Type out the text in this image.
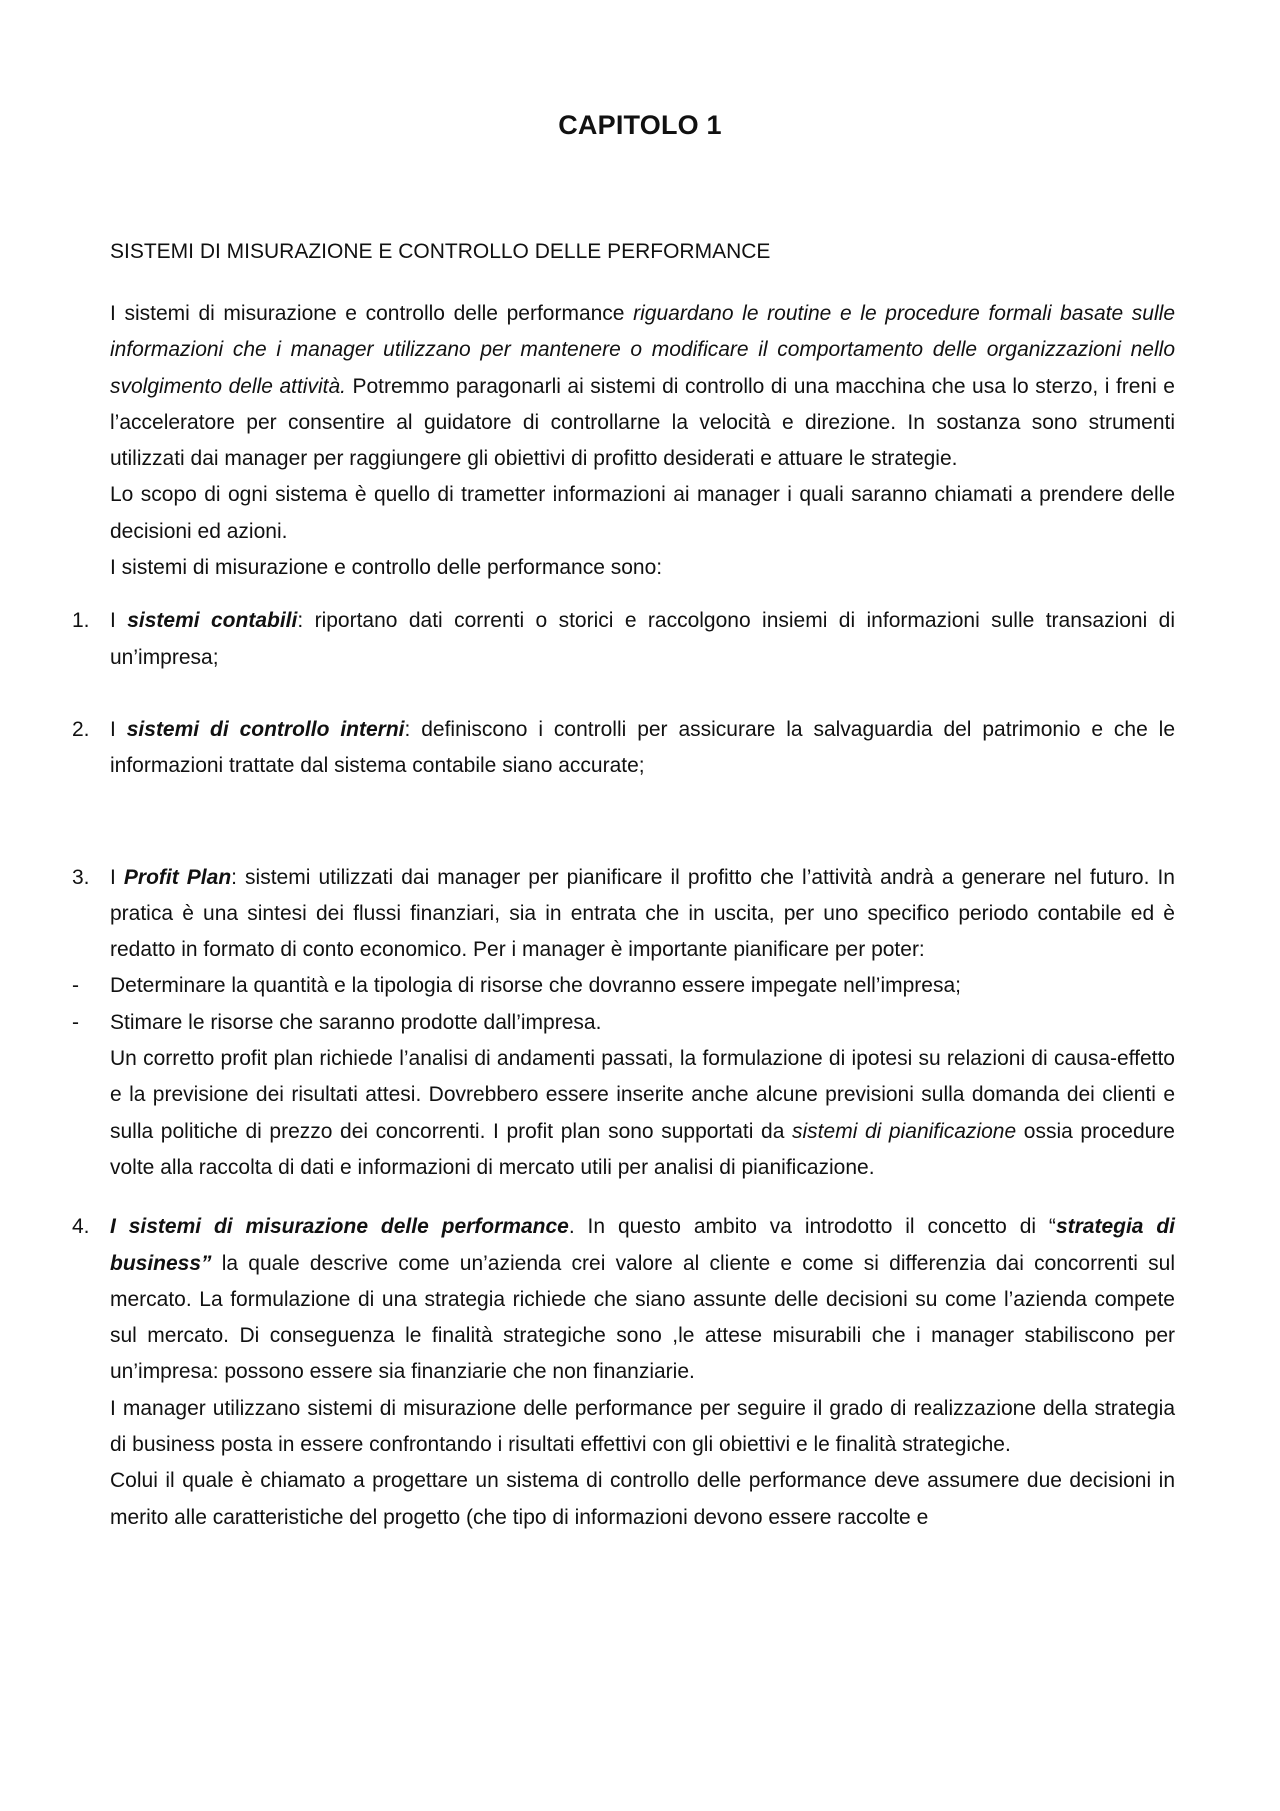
CAPITOLO 1
SISTEMI DI MISURAZIONE E CONTROLLO DELLE PERFORMANCE

I sistemi di misurazione e controllo delle performance riguardano le routine e le procedure formali basate sulle informazioni che i manager utilizzano per mantenere o modificare il comportamento delle organizzazioni nello svolgimento delle attività. Potremmo paragonarli ai sistemi di controllo di una macchina che usa lo sterzo, i freni e l’acceleratore per consentire al guidatore di controllarne la velocità e direzione. In sostanza sono strumenti utilizzati dai manager per raggiungere gli obiettivi di profitto desiderati e attuare le strategie.

Lo scopo di ogni sistema è quello di trametter informazioni ai manager i quali saranno chiamati a prendere delle decisioni ed azioni.

I sistemi di misurazione e controllo delle performance sono:

1. I sistemi contabili: riportano dati correnti o storici e raccolgono insiemi di informazioni sulle transazioni di un’impresa;

2. I sistemi di controllo interni: definiscono i controlli per assicurare la salvaguardia del patrimonio e che le informazioni trattate dal sistema contabile siano accurate;

3. I Profit Plan: sistemi utilizzati dai manager per pianificare il profitto che l’attività andrà a generare nel futuro. In pratica è una sintesi dei flussi finanziari, sia in entrata che in uscita, per uno specifico periodo contabile ed è redatto in formato di conto economico. Per i manager è importante pianificare per poter:

- Determinare la quantità e la tipologia di risorse che dovranno essere impegate nell’impresa;

- Stimare le risorse che saranno prodotte dall’impresa.

Un corretto profit plan richiede l’analisi di andamenti passati, la formulazione di ipotesi su relazioni di causa-effetto e la previsione dei risultati attesi. Dovrebbero essere inserite anche alcune previsioni sulla domanda dei clienti e sulla politiche di prezzo dei concorrenti. I profit plan sono supportati da sistemi di pianificazione ossia procedure volte alla raccolta di dati e informazioni di mercato utili per analisi di pianificazione.

4. I sistemi di misurazione delle performance. In questo ambito va introdotto il concetto di “strategia di business” la quale descrive come un’azienda crei valore al cliente e come si differenzia dai concorrenti sul mercato. La formulazione di una strategia richiede che siano assunte delle decisioni su come l’azienda compete sul mercato. Di conseguenza le finalità strategiche sono ,le attese misurabili che i manager stabiliscono per un’impresa: possono essere sia finanziarie che non finanziarie.

I manager utilizzano sistemi di misurazione delle performance per seguire il grado di realizzazione della strategia di business posta in essere confrontando i risultati effettivi con gli obiettivi e le finalità strategiche.

Colui il quale è chiamato a progettare un sistema di controllo delle performance deve assumere due decisioni in merito alle caratteristiche del progetto (che tipo di informazioni devono essere raccolte e
